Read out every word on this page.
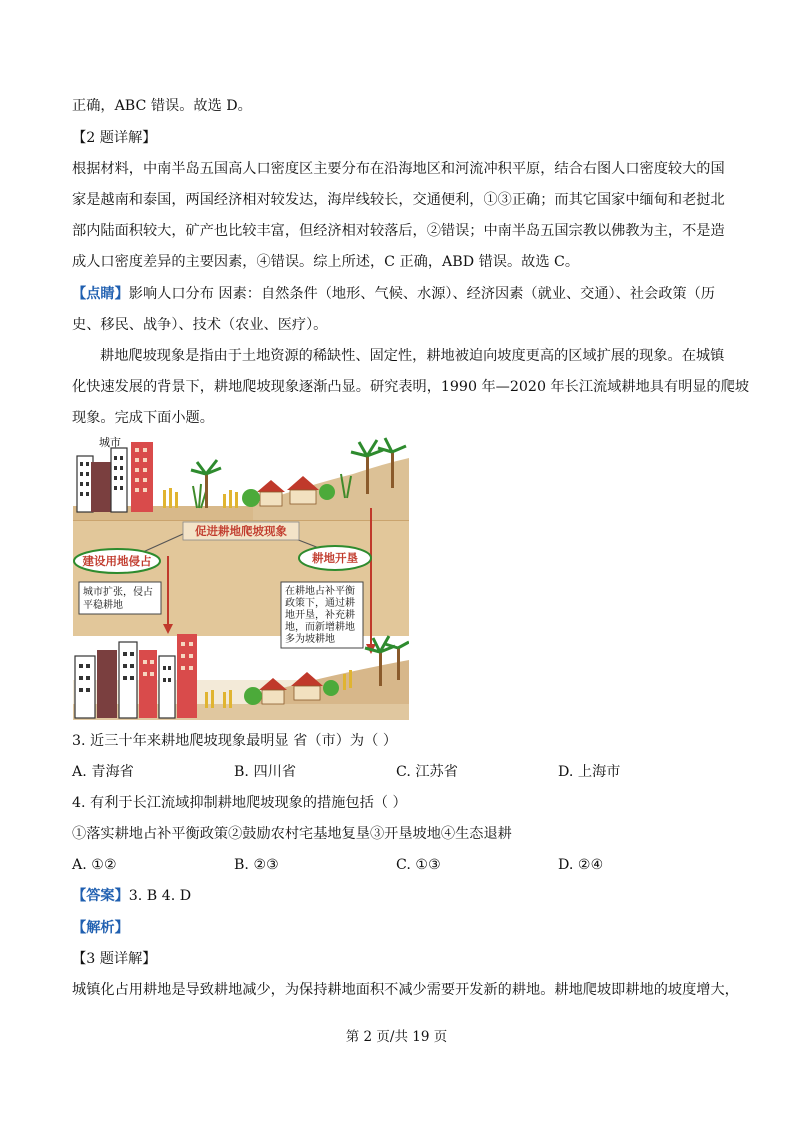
正确，ABC 错误。故选 D。
【2 题详解】
根据材料，中南半岛五国高人口密度区主要分布在沿海地区和河流冲积平原，结合右图人口密度较大的国
家是越南和泰国，两国经济相对较发达，海岸线较长，交通便利，①③正确；而其它国家中缅甸和老挝北
部内陆面积较大，矿产也比较丰富，但经济相对较落后，②错误；中南半岛五国宗教以佛教为主，不是造
成人口密度差异的主要因素，④错误。综上所述，C 正确，ABD 错误。故选 C。
【点睛】影响人口分布 因素：自然条件（地形、气候、水源）、经济因素（就业、交通）、社会政策（历
史、移民、战争）、技术（农业、医疗）。
耕地爬坡现象是指由于土地资源的稀缺性、固定性，耕地被迫向坡度更高的区域扩展的现象。在城镇
化快速发展的背景下，耕地爬坡现象逐渐凸显。研究表明，1990 年—2020 年长江流域耕地具有明显的爬坡
现象。完成下面小题。
城市
促进耕地爬坡现象
建设用地侵占	耕地开垦
城市扩张，侵占
平稳耕地
在耕地占补平衡
政策下，通过耕
地开垦，补充耕
地，而新增耕地
多为坡耕地
3. 近三十年来耕地爬坡现象最明显 省（市）为（ ）
A. 青海省	B. 四川省	C. 江苏省	D. 上海市
4. 有利于长江流域抑制耕地爬坡现象的措施包括（ ）
①落实耕地占补平衡政策②鼓励农村宅基地复垦③开垦坡地④生态退耕
A. ①②	B. ②③	C. ①③	D. ②④
【答案】3. B 4. D
【解析】
【3 题详解】
城镇化占用耕地是导致耕地减少，为保持耕地面积不减少需要开发新的耕地。耕地爬坡即耕地的坡度增大，
第 2 页/共 19 页
